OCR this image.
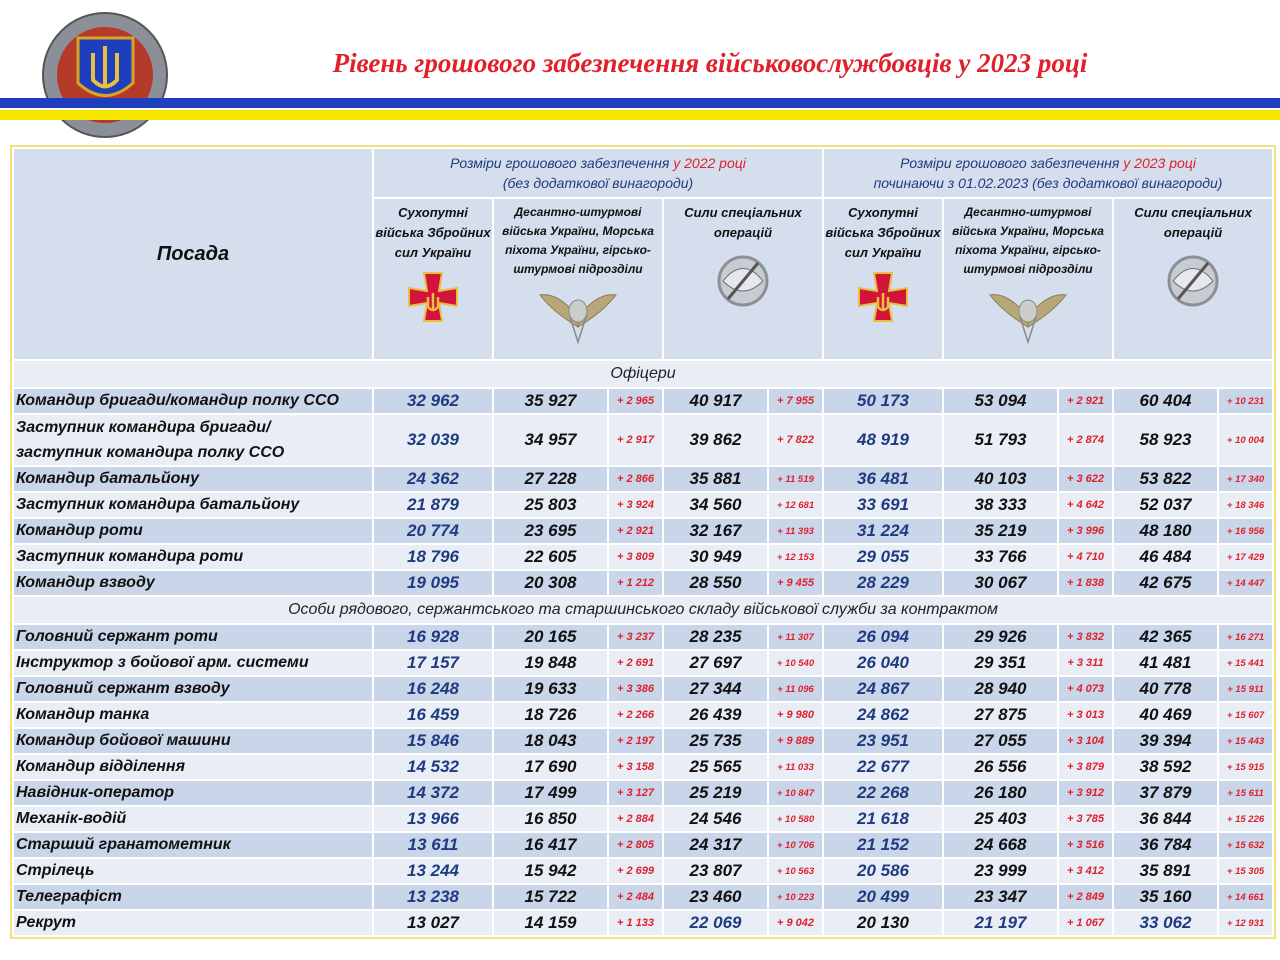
Рівень грошового забезпечення військовослужбовців у 2023 році
Посада	Розміри грошового забезпечення у 2022 році
(без додаткової винагороди)					Розміри грошового забезпечення у 2023 році
починаючи з 01.02.2023 (без додаткової винагороди)				

	Сухопутні війська Збройних сил України	Десантно-штурмові війська України, Морська піхота України, гірсько-штурмові підрозділи		Сили спеціальних операцій		Сухопутні війська Збройних сил України	Десантно-штурмові війська України, Морська піхота України, гірсько-штурмові підрозділи		Сили спеціальних операцій	

Офіцери										
Командир бригади/командир полку ССО	32 962	35 927	+ 2 965	40 917	+ 7 955	50 173	53 094	+ 2 921	60 404	+ 10 231
Заступник командира бригади/
заступник командира полку ССО	32 039	34 957	+ 2 917	39 862	+ 7 822	48 919	51 793	+ 2 874	58 923	+ 10 004
Командир батальйону	24 362	27 228	+ 2 866	35 881	+ 11 519	36 481	40 103	+ 3 622	53 822	+ 17 340
Заступник командира батальйону	21 879	25 803	+ 3 924	34 560	+ 12 681	33 691	38 333	+ 4 642	52 037	+ 18 346
Командир роти	20 774	23 695	+ 2 921	32 167	+ 11 393	31 224	35 219	+ 3 996	48 180	+ 16 956
Заступник командира роти	18 796	22 605	+ 3 809	30 949	+ 12 153	29 055	33 766	+ 4 710	46 484	+ 17 429
Командир взводу	19 095	20 308	+ 1 212	28 550	+ 9 455	28 229	30 067	+ 1 838	42 675	+ 14 447
Особи рядового, сержантського та старшинського складу військової служби за контрактом										
Головний сержант роти	16 928	20 165	+ 3 237	28 235	+ 11 307	26 094	29 926	+ 3 832	42 365	+ 16 271
Інструктор з бойової арм. системи	17 157	19 848	+ 2 691	27 697	+ 10 540	26 040	29 351	+ 3 311	41 481	+ 15 441
Головний сержант взводу	16 248	19 633	+ 3 386	27 344	+ 11 096	24 867	28 940	+ 4 073	40 778	+ 15 911
Командир танка	16 459	18 726	+ 2 266	26 439	+ 9 980	24 862	27 875	+ 3 013	40 469	+ 15 607
Командир бойової машини	15 846	18 043	+ 2 197	25 735	+ 9 889	23 951	27 055	+ 3 104	39 394	+ 15 443
Командир відділення	14 532	17 690	+ 3 158	25 565	+ 11 033	22 677	26 556	+ 3 879	38 592	+ 15 915
Навідник-оператор	14 372	17 499	+ 3 127	25 219	+ 10 847	22 268	26 180	+ 3 912	37 879	+ 15 611
Механік-водій	13 966	16 850	+ 2 884	24 546	+ 10 580	21 618	25 403	+ 3 785	36 844	+ 15 226
Старший гранатометник	13 611	16 417	+ 2 805	24 317	+ 10 706	21 152	24 668	+ 3 516	36 784	+ 15 632
Стрілець	13 244	15 942	+ 2 699	23 807	+ 10 563	20 586	23 999	+ 3 412	35 891	+ 15 305
Телеграфіст	13 238	15 722	+ 2 484	23 460	+ 10 223	20 499	23 347	+ 2 849	35 160	+ 14 661
Рекрут	13 027	14 159	+ 1 133	22 069	+ 9 042	20 130	21 197	+ 1 067	33 062	+ 12 931
